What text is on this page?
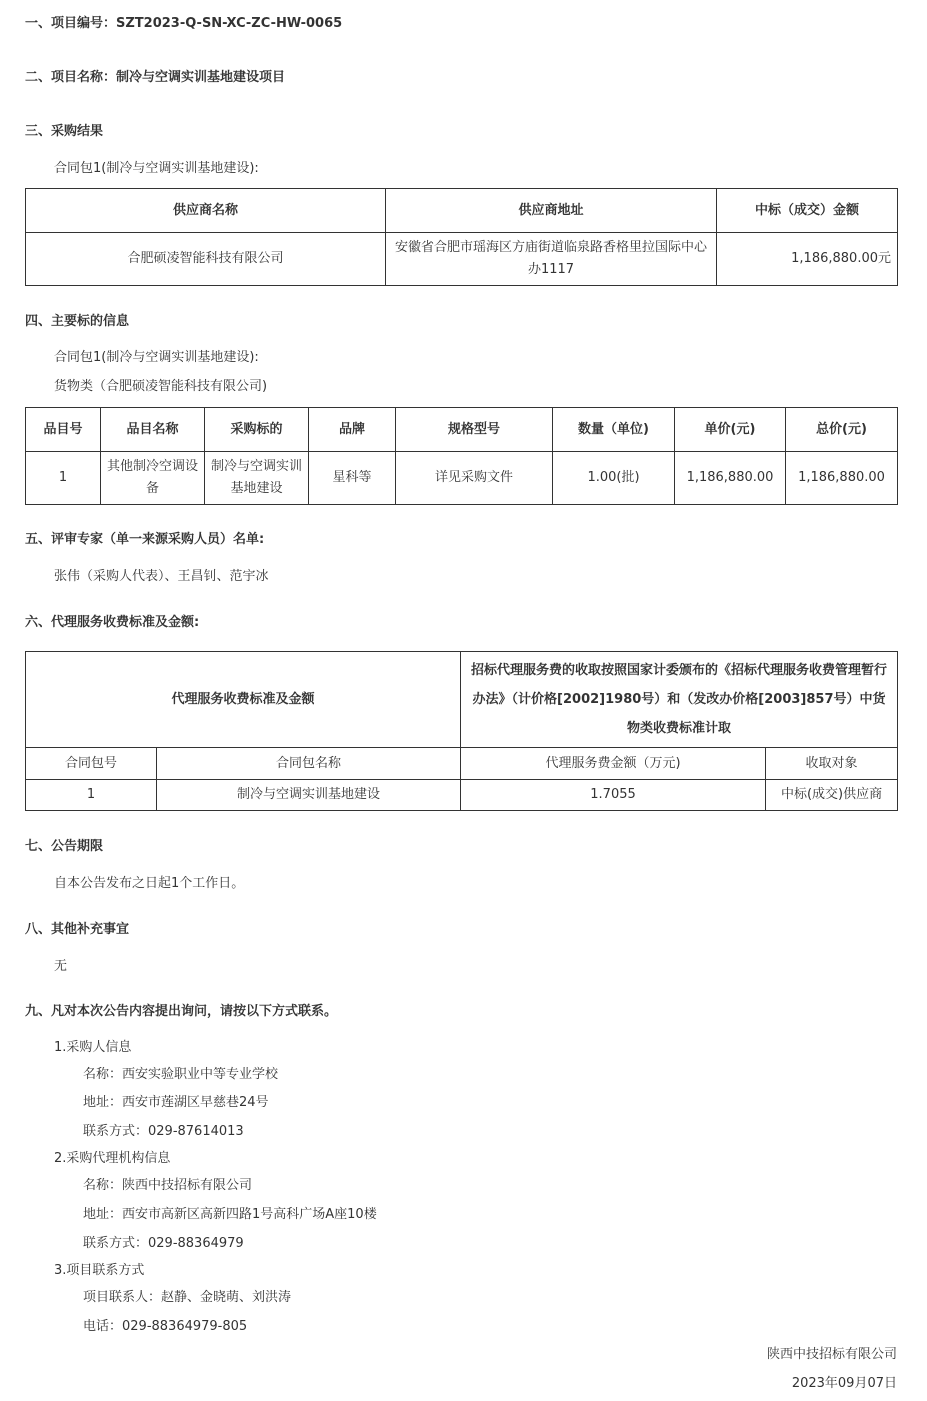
一、项目编号：SZT2023-Q-SN-XC-ZC-HW-0065
二、项目名称：制冷与空调实训基地建设项目
三、采购结果
合同包1(制冷与空调实训基地建设):
供应商名称	供应商地址	中标（成交）金额
合肥硕凌智能科技有限公司	安徽省合肥市瑶海区方庙街道临泉路香格里拉国际中心办1117	1,186,880.00元
四、主要标的信息
合同包1(制冷与空调实训基地建设):
货物类（合肥硕凌智能科技有限公司)
品目号	品目名称	采购标的	品牌	规格型号	数量（单位)	单价(元)	总价(元)
1	其他制冷空调设备	制冷与空调实训基地建设	星科等	详见采购文件	1.00(批)	1,186,880.00	1,186,880.00
五、评审专家（单一来源采购人员）名单:
张伟（采购人代表）、王昌钊、范宇冰
六、代理服务收费标准及金额:
代理服务收费标准及金额		招标代理服务费的收取按照国家计委颁布的《招标代理服务收费管理暂行办法》（计价格[2002]1980号）和（发改办价格[2003]857号）中货物类收费标准计取	
合同包号	合同包名称	代理服务费金额（万元)	收取对象
1	制冷与空调实训基地建设	1.7055	中标(成交)供应商
七、公告期限
自本公告发布之日起1个工作日。
八、其他补充事宜
无
九、凡对本次公告内容提出询问，请按以下方式联系。
1.采购人信息
名称：西安实验职业中等专业学校
地址：西安市莲湖区早慈巷24号
联系方式：029-87614013
2.采购代理机构信息
名称：陕西中技招标有限公司
地址：西安市高新区高新四路1号高科广场A座10楼
联系方式：029-88364979
3.项目联系方式
项目联系人：赵静、金晓萌、刘洪涛
电话：029-88364979-805
陕西中技招标有限公司
2023年09月07日
